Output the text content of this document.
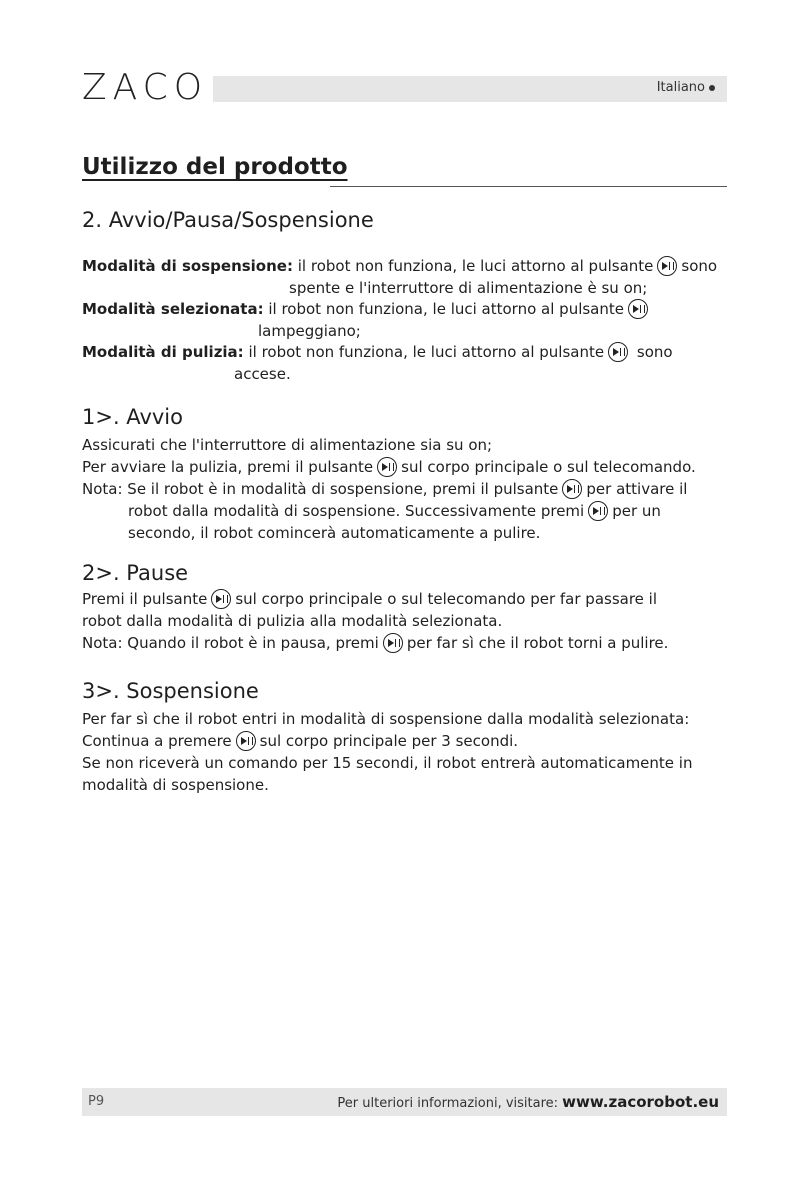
ZACO	Italiano
Utilizzo del prodotto
2. Avvio/Pausa/Sospensione
Modalità di sospensione: il robot non funziona, le luci attorno al pulsante sono
spente e l'interruttore di alimentazione è su on;
Modalità selezionata: il robot non funziona, le luci attorno al pulsante
lampeggiano;
Modalità di pulizia: il robot non funziona, le luci attorno al pulsante sono
accese.
1>. Avvio
Assicurati che l'interruttore di alimentazione sia su on;
Per avviare la pulizia, premi il pulsante sul corpo principale o sul telecomando.
Nota: Se il robot è in modalità di sospensione, premi il pulsante per attivare il
robot dalla modalità di sospensione. Successivamente premi per un
secondo, il robot comincerà automaticamente a pulire.
2>. Pause
Premi il pulsante sul corpo principale o sul telecomando per far passare il
robot dalla modalità di pulizia alla modalità selezionata.
Nota: Quando il robot è in pausa, premi per far sì che il robot torni a pulire.
3>. Sospensione
Per far sì che il robot entri in modalità di sospensione dalla modalità selezionata:
Continua a premere sul corpo principale per 3 secondi.
Se non riceverà un comando per 15 secondi, il robot entrerà automaticamente in
modalità di sospensione.
P9	Per ulteriori informazioni, visitare: www.zacorobot.eu
